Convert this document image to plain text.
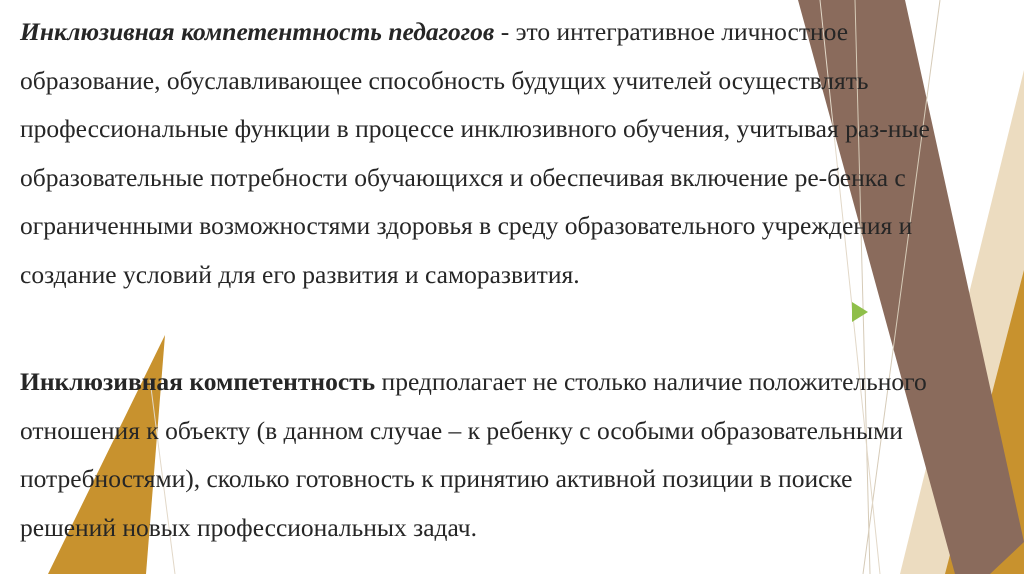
Инклюзивная компетентность педагогов - это интегративное личностное
образование, обуславливающее способность будущих учителей осуществлять
профессиональные функции в процессе инклюзивного обучения, учитывая раз-ные
образовательные потребности обучающихся и обеспечивая включение ре-бенка с
ограниченными возможностями здоровья в среду образовательного учреждения и
создание условий для его развития и саморазвития.

Инклюзивная компетентность предполагает не столько наличие положительного
отношения к объекту (в данном случае – к ребенку с особыми образовательными
потребностями), сколько готовность к принятию активной позиции в поиске
решений новых профессиональных задач.
